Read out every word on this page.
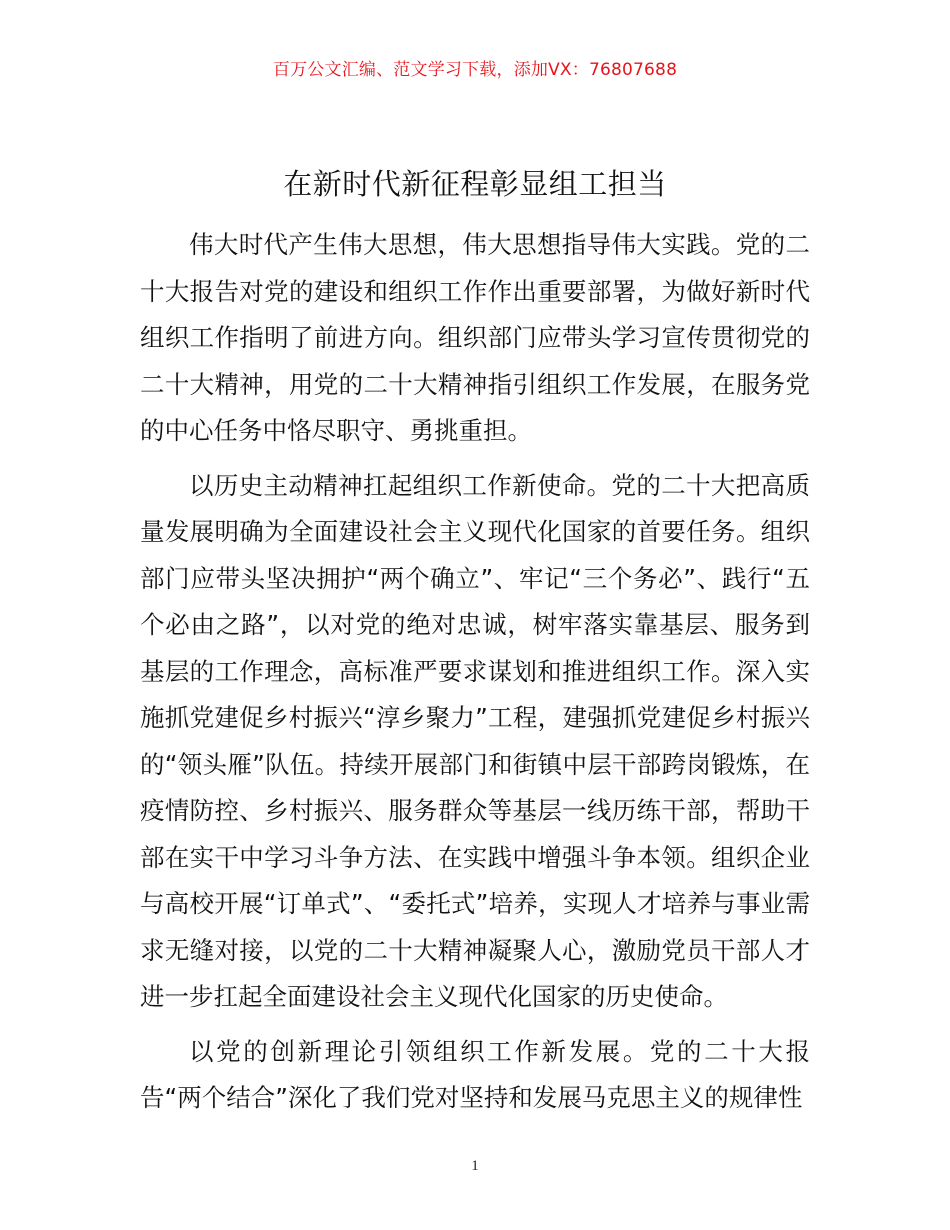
百万公文汇编、范文学习下载，添加VX：76807688
在新时代新征程彰显组工担当

伟大时代产生伟大思想，伟大思想指导伟大实践。党的二十大报告对党的建设和组织工作作出重要部署，为做好新时代组织工作指明了前进方向。组织部门应带头学习宣传贯彻党的二十大精神，用党的二十大精神指引组织工作发展，在服务党的中心任务中恪尽职守、勇挑重担。

以历史主动精神扛起组织工作新使命。党的二十大把高质量发展明确为全面建设社会主义现代化国家的首要任务。组织部门应带头坚决拥护“两个确立”、牢记“三个务必”、践行“五个必由之路”，以对党的绝对忠诚，树牢落实靠基层、服务到基层的工作理念，高标准严要求谋划和推进组织工作。深入实施抓党建促乡村振兴“淳乡聚力”工程，建强抓党建促乡村振兴的“领头雁”队伍。持续开展部门和街镇中层干部跨岗锻炼，在疫情防控、乡村振兴、服务群众等基层一线历练干部，帮助干部在实干中学习斗争方法、在实践中增强斗争本领。组织企业与高校开展“订单式”、“委托式”培养，实现人才培养与事业需求无缝对接，以党的二十大精神凝聚人心，激励党员干部人才进一步扛起全面建设社会主义现代化国家的历史使命。

以党的创新理论引领组织工作新发展。党的二十大报告“两个结合”深化了我们党对坚持和发展马克思主义的规律性

1
